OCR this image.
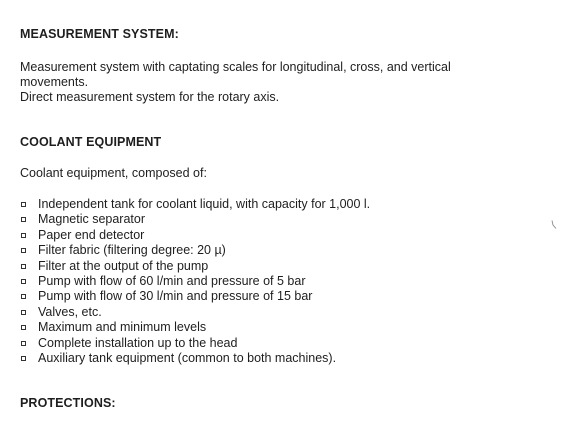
MEASUREMENT SYSTEM:

Measurement system with captating scales for longitudinal, cross, and vertical movements.

Direct measurement system for the rotary axis.

COOLANT EQUIPMENT

Coolant equipment, composed of:

Independent tank for coolant liquid, with capacity for 1,000 l.
Magnetic separator
Paper end detector
Filter fabric (filtering degree: 20 µ)
Filter at the output of the pump
Pump with flow of 60 l/min and pressure of 5 bar
Pump with flow of 30 l/min and pressure of 15 bar
Valves, etc.
Maximum and minimum levels
Complete installation up to the head
Auxiliary tank equipment (common to both machines).
PROTECTIONS:
